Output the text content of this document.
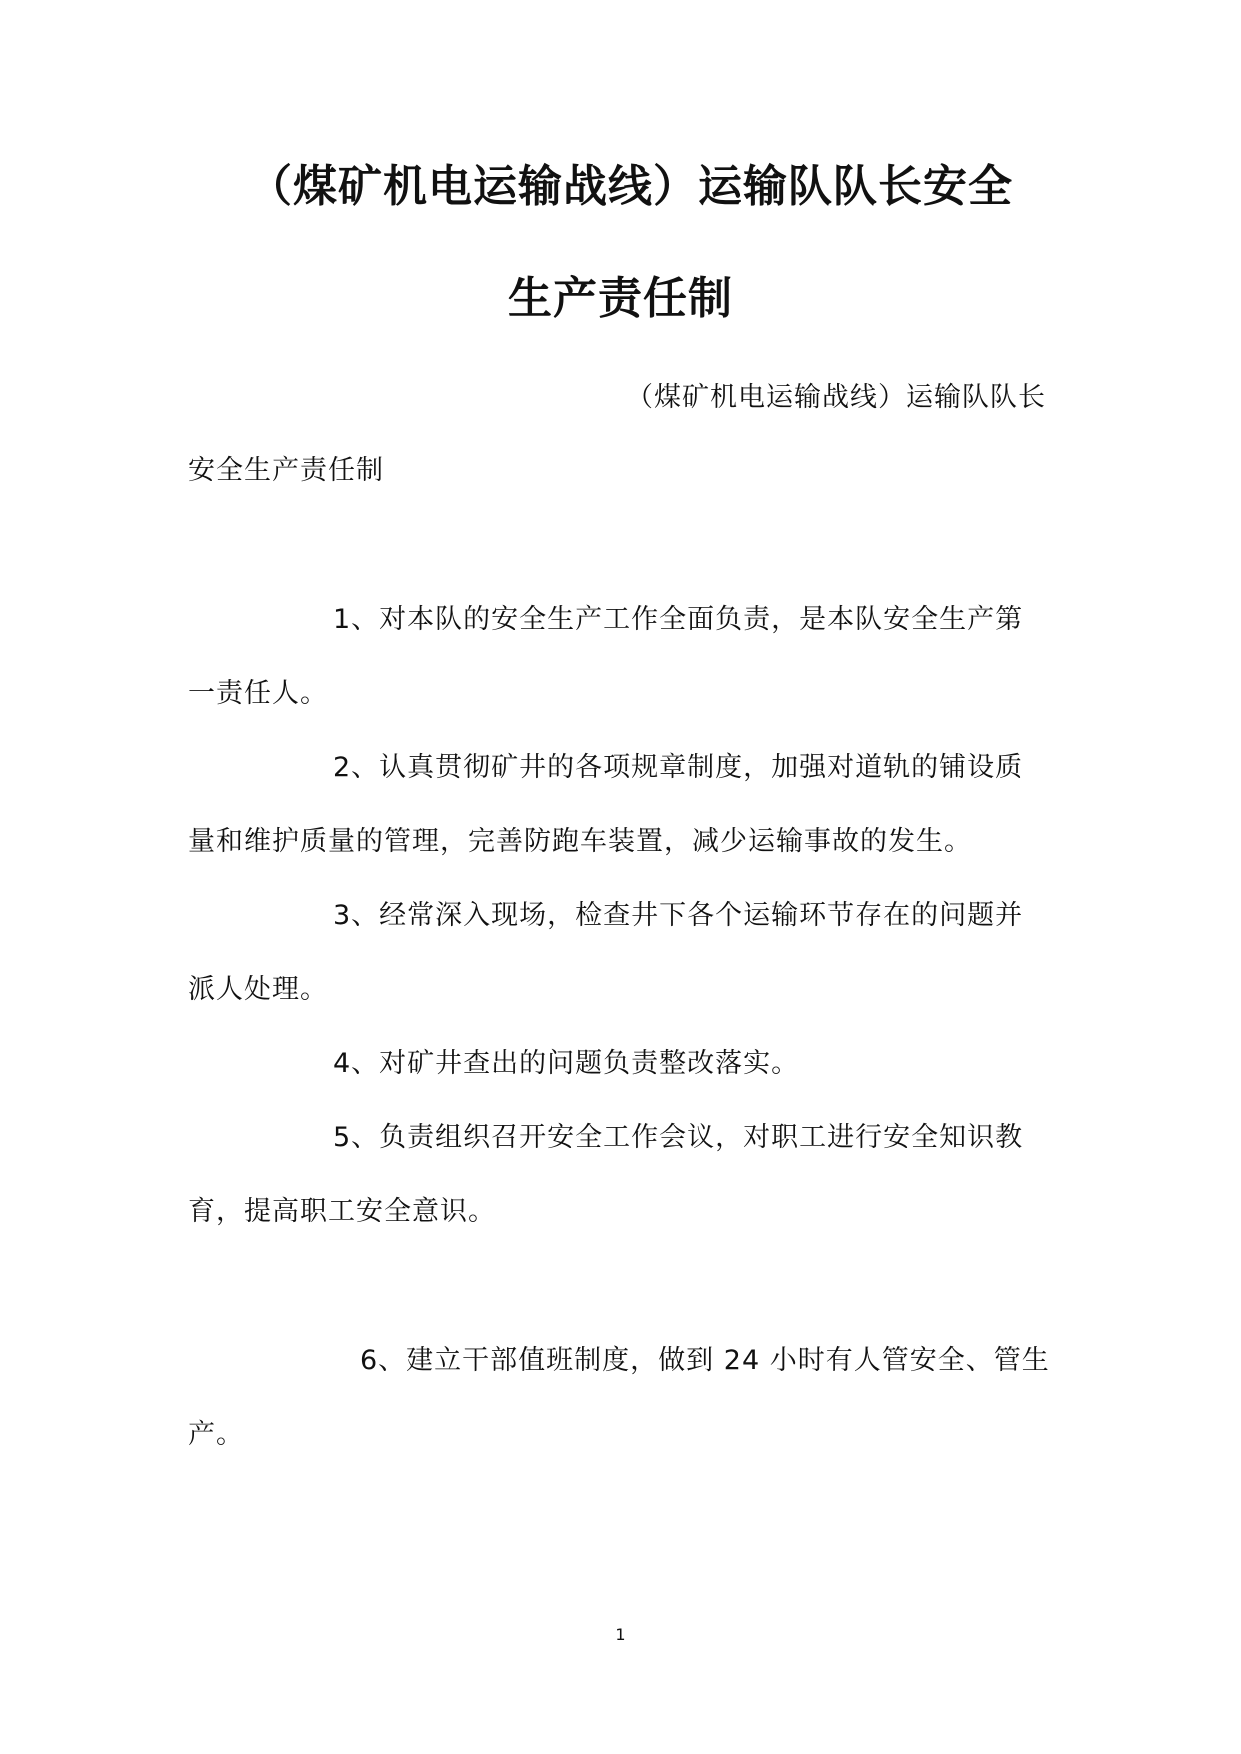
（煤矿机电运输战线）运输队队长安全
生产责任制
（煤矿机电运输战线）运输队队长
安全生产责任制
1、对本队的安全生产工作全面负责，是本队安全生产第
一责任人。
2、认真贯彻矿井的各项规章制度，加强对道轨的铺设质
量和维护质量的管理，完善防跑车装置，减少运输事故的发生。
3、经常深入现场，检查井下各个运输环节存在的问题并
派人处理。
4、对矿井查出的问题负责整改落实。
5、负责组织召开安全工作会议，对职工进行安全知识教
育，提高职工安全意识。
6、建立干部值班制度，做到 24 小时有人管安全、管生
产。
1
